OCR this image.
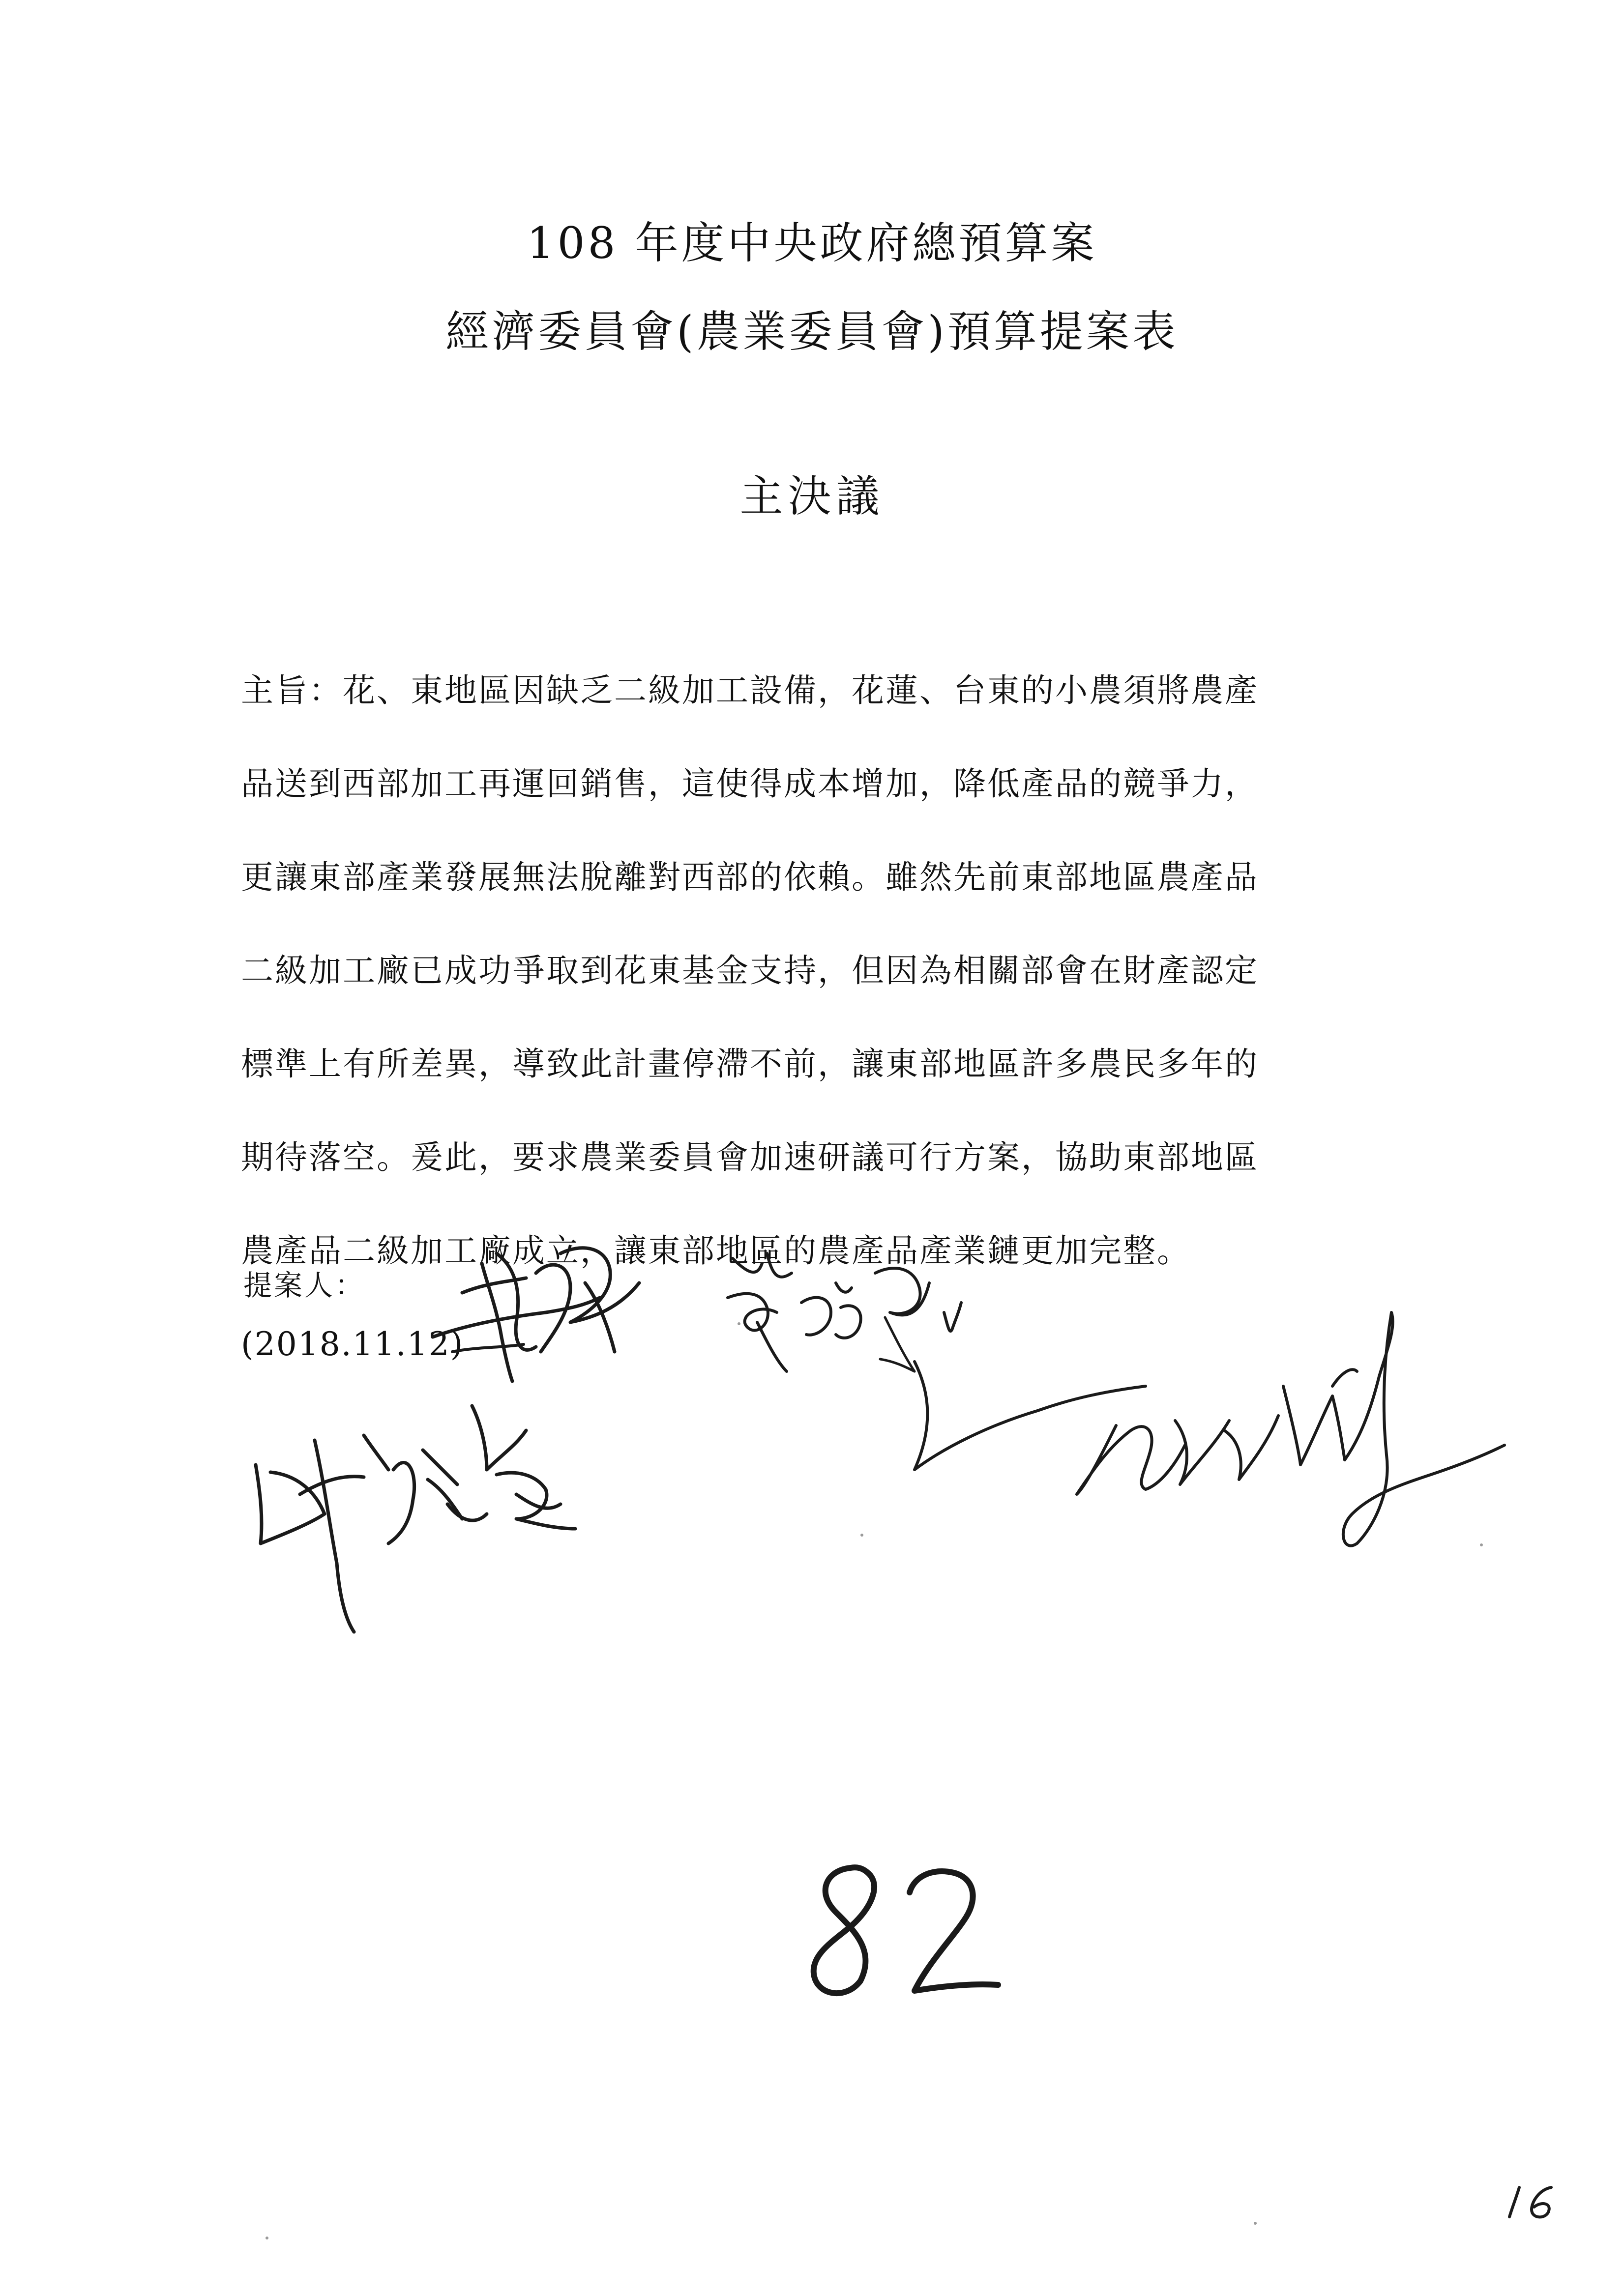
108 年度中央政府總預算案
經濟委員會(農業委員會)預算提案表
主決議
主旨：花、東地區因缺乏二級加工設備，花蓮、台東的小農須將農產
品送到西部加工再運回銷售，這使得成本增加，降低產品的競爭力，
更讓東部產業發展無法脫離對西部的依賴。雖然先前東部地區農產品
二級加工廠已成功爭取到花東基金支持，但因為相關部會在財產認定
標準上有所差異，導致此計畫停滯不前，讓東部地區許多農民多年的
期待落空。爰此，要求農業委員會加速研議可行方案，協助東部地區
農產品二級加工廠成立，讓東部地區的農產品產業鏈更加完整。
(2018.11.12)
提案人：
